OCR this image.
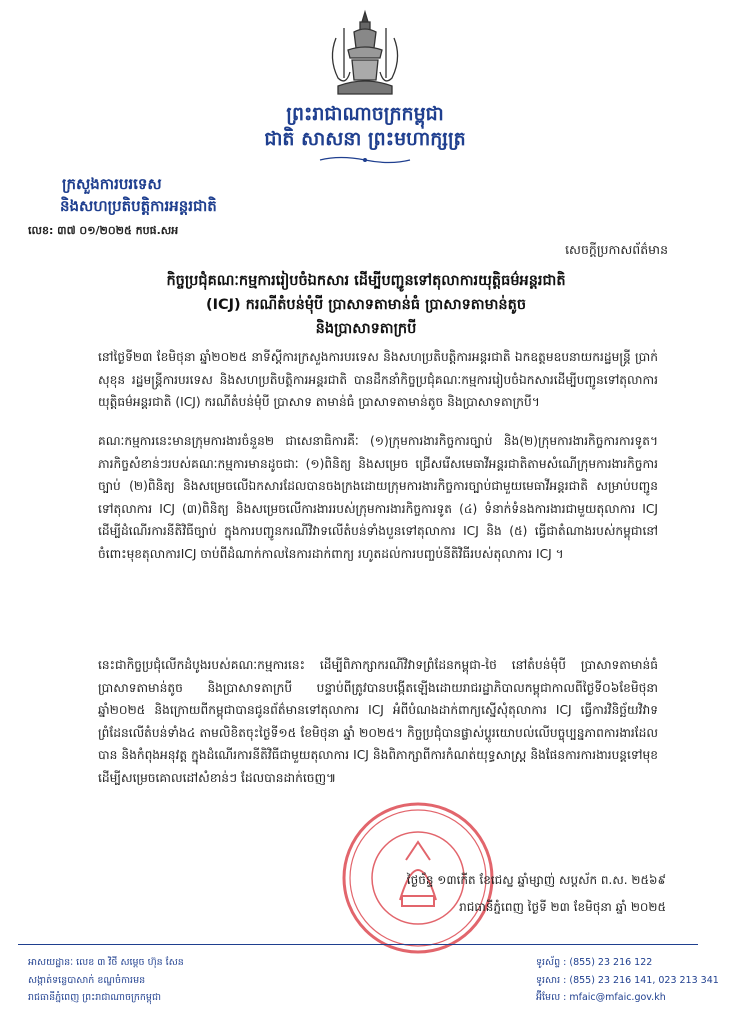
ព្រះរាជាណាចក្រកម្ពុជា
ជាតិ សាសនា ព្រះមហាក្សត្រ
ក្រសួងការបរទេស
និងសហប្រតិបត្តិការអន្តរជាតិ
លេខ: ៣៧ ០១/២០២៥ កបផ.សអ
សេចក្តីប្រកាសព័ត៌មាន
កិច្ចប្រជុំគណៈកម្មការរៀបចំឯកសារ ដើម្បីបញ្ជូនទៅតុលាការយុត្តិធម៌អន្តរជាតិ
(ICJ) ករណីតំបន់មុំបី ប្រាសាទតាមាន់ធំ ប្រាសាទតាមាន់តូច
និងប្រាសាទតាក្របី
នៅថ្ងៃទី២៣ ខែមិថុនា ឆ្នាំ២០២៥ នាទីស្តីការក្រសួងការបរទេស និងសហប្រតិបត្តិការអន្តរជាតិ ឯកឧត្តមឧបនាយករដ្ឋមន្ត្រី ប្រាក់ សុខុន រដ្ឋមន្ត្រីការបរទេស និងសហប្រតិបត្តិការអន្តរជាតិ បានដឹកនាំកិច្ចប្រជុំគណៈកម្មការរៀបចំឯកសារដើម្បីបញ្ជូនទៅតុលាការយុត្តិធម៌អន្តរជាតិ (ICJ) ករណីតំបន់មុំបី ប្រាសាទ តាមាន់ធំ ប្រាសាទតាមាន់តូច និងប្រាសាទតាក្របី។
គណៈកម្មការនេះមានក្រុមការងារចំនួន២ ជាសេនាធិការគឺៈ (១)ក្រុមការងារកិច្ចការច្បាប់ និង(២)ក្រុមការងារកិច្ចការការទូត។ ភារកិច្ចសំខាន់ៗរបស់គណៈកម្មការមានដូចជាៈ (១)ពិនិត្យ និងសម្រេច ជ្រើសរើសមេធាវីអន្តរជាតិតាមសំណើក្រុមការងារកិច្ចការច្បាប់ (២)ពិនិត្យ និងសម្រេចលើឯកសារដែលបានចងក្រងដោយក្រុមការងារកិច្ចការច្បាប់ជាមួយមេធាវីអន្តរជាតិ សម្រាប់បញ្ជូនទៅតុលាការ ICJ (៣)ពិនិត្យ និងសម្រេចលើការងាររបស់ក្រុមការងារកិច្ចការទូត (៤) ទំនាក់ទំនងការងារជាមួយតុលាការ ICJ ដើម្បីដំណើរការនីតិវិធីច្បាប់ ក្នុងការបញ្ជូនករណីវិវាទលើតំបន់ទាំងបួនទៅតុលាការ ICJ និង (៥) ធ្វើជាតំណាងរបស់កម្ពុជានៅចំពោះមុខតុលាការICJ ចាប់ពីដំណាក់កាលនៃការដាក់ពាក្យ រហូតដល់ការបញ្ចប់នីតិវិធីរបស់តុលាការ ICJ ។
នេះជាកិច្ចប្រជុំលើកដំបូងរបស់គណៈកម្មការនេះ ដើម្បីពិភាក្សាករណីវិវាទព្រំដែនកម្ពុជា-ថៃ នៅតំបន់មុំបី ប្រាសាទតាមាន់ធំ ប្រាសាទតាមាន់តូច និងប្រាសាទតាក្របី បន្ទាប់ពីត្រូវបានបង្កើតឡើងដោយរាជរដ្ឋាភិបាលកម្ពុជាកាលពីថ្ងៃទី០៦ខែមិថុនា ឆ្នាំ២០២៥ និងក្រោយពីកម្ពុជាបានជូនព័ត៌មានទៅតុលាការ ICJ អំពីបំណងដាក់ពាក្យស្នើសុំតុលាការ ICJ ធ្វើការវិនិច្ឆ័យវិវាទព្រំដែនលើតំបន់ទាំង៤ តាមលិខិតចុះថ្ងៃទី១៥ ខែមិថុនា ឆ្នាំ ២០២៥។ កិច្ចប្រជុំបានផ្លាស់ប្តូរយោបល់លើបច្ចុប្បន្នភាពការងារដែលបាន និងកំពុងអនុវត្ត ក្នុងដំណើរការនីតិវិធីជាមួយតុលាការ ICJ និងពិភាក្សាពីការកំណត់យុទ្ធសាស្ត្រ និងផែនការការងារបន្តទៅមុខ ដើម្បីសម្រេចគោលដៅសំខាន់ៗ ដែលបានដាក់ចេញ៕
ថ្ងៃច័ន្ទ ១៣កើត ខែជេស្ឋ ឆ្នាំម្សាញ់ សប្តស័ក ព.ស. ២៥៦៩
រាជធានីភ្នំពេញ ថ្ងៃទី ២៣ ខែមិថុនា ឆ្នាំ ២០២៥
អាសយដ្ឋានៈ លេខ ៣ វិថី សម្តេច ហ៊ុន សែន
សង្កាត់ទន្លេបាសាក់ ខណ្ឌចំការមន
រាជធានីភ្នំពេញ ព្រះរាជាណាចក្រកម្ពុជា
ទូរស័ព្ទ : (855) 23 216 122
ទូរសារ : (855) 23 216 141, 023 213 341
អ៊ីមែល : mfaic@mfaic.gov.kh
